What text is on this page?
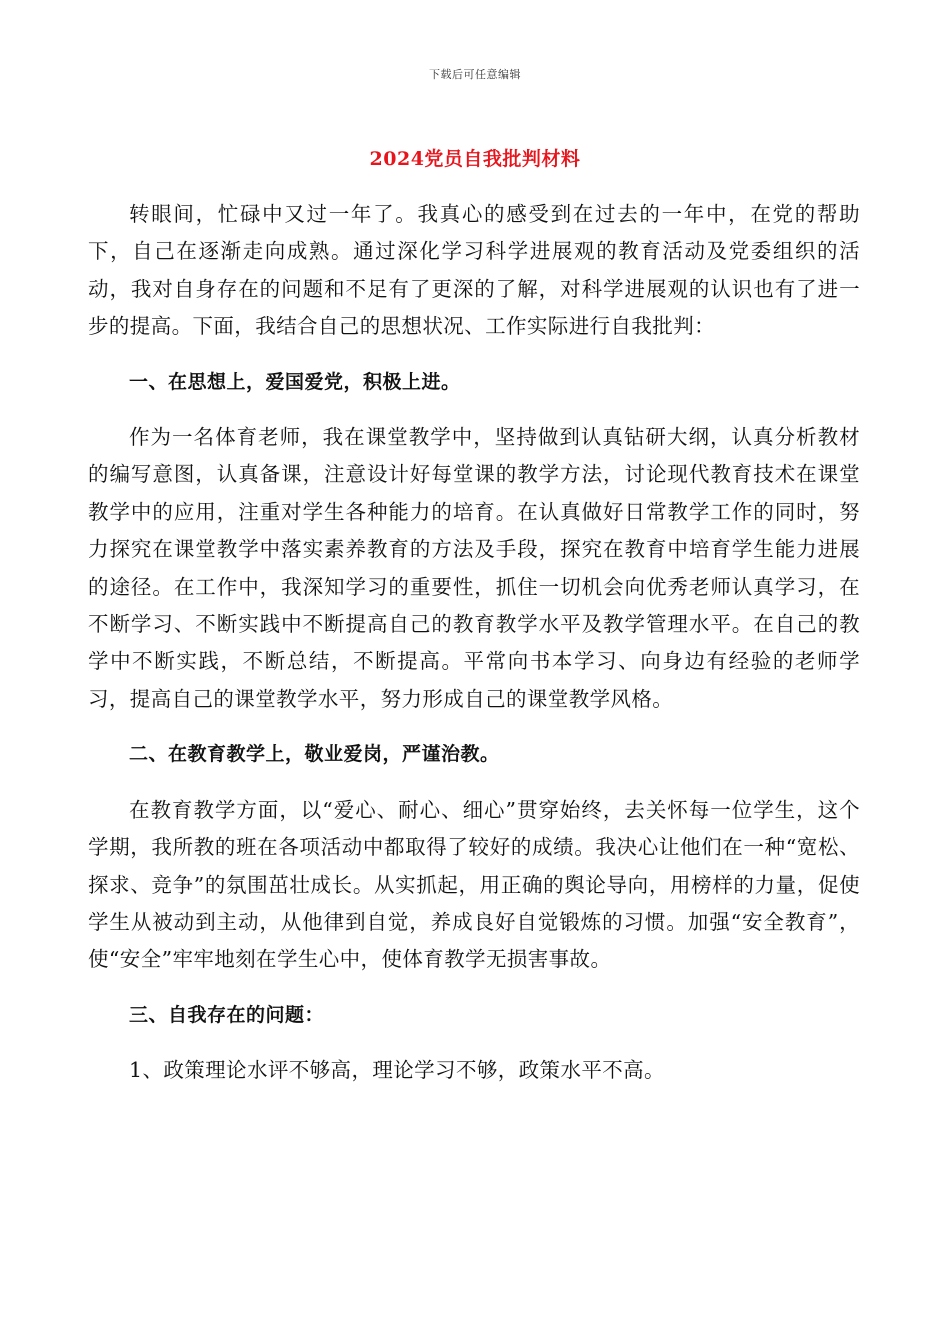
下载后可任意编辑
2024党员自我批判材料

转眼间，忙碌中又过一年了。我真心的感受到在过去的一年中，在党的帮助下，自己在逐渐走向成熟。通过深化学习科学进展观的教育活动及党委组织的活动，我对自身存在的问题和不足有了更深的了解，对科学进展观的认识也有了进一步的提高。下面，我结合自己的思想状况、工作实际进行自我批判：

一、在思想上，爱国爱党，积极上进。

作为一名体育老师，我在课堂教学中，坚持做到认真钻研大纲，认真分析教材的编写意图，认真备课，注意设计好每堂课的教学方法，讨论现代教育技术在课堂教学中的应用，注重对学生各种能力的培育。在认真做好日常教学工作的同时，努力探究在课堂教学中落实素养教育的方法及手段，探究在教育中培育学生能力进展的途径。在工作中，我深知学习的重要性，抓住一切机会向优秀老师认真学习，在不断学习、不断实践中不断提高自己的教育教学水平及教学管理水平。在自己的教学中不断实践，不断总结，不断提高。平常向书本学习、向身边有经验的老师学习，提高自己的课堂教学水平，努力形成自己的课堂教学风格。

二、在教育教学上，敬业爱岗，严谨治教。

在教育教学方面，以“爱心、耐心、细心”贯穿始终，去关怀每一位学生，这个学期，我所教的班在各项活动中都取得了较好的成绩。我决心让他们在一种“宽松、探求、竞争”的氛围茁壮成长。从实抓起，用正确的舆论导向，用榜样的力量，促使学生从被动到主动，从他律到自觉，养成良好自觉锻炼的习惯。加强“安全教育”，使“安全”牢牢地刻在学生心中，使体育教学无损害事故。

三、自我存在的问题：

1、政策理论水评不够高，理论学习不够，政策水平不高。
